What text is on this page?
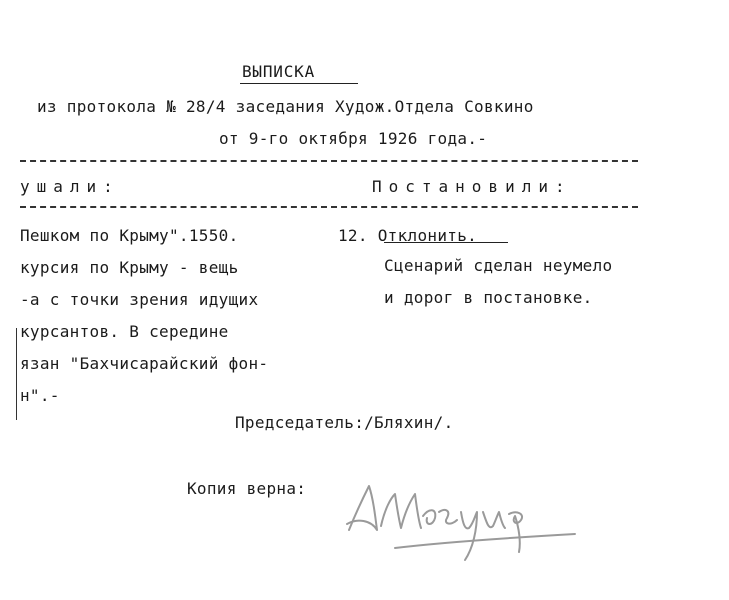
ВЫПИСКА
из протокола № 28/4 заседания Худож.Отдела Совкино
от 9-го октября 1926 года.-
ушали:	Постановили:
Пешком по Крыму".1550.
курсия по Крыму - вещь
-а с точки зрения идущих
курсантов. В середине
язан "Бахчисарайский фон-
н".-
12. Отклонить.
Сценарий сделан неумело
и дорог в постановке.
Председатель:/Бляхин/.
Копия верна:
